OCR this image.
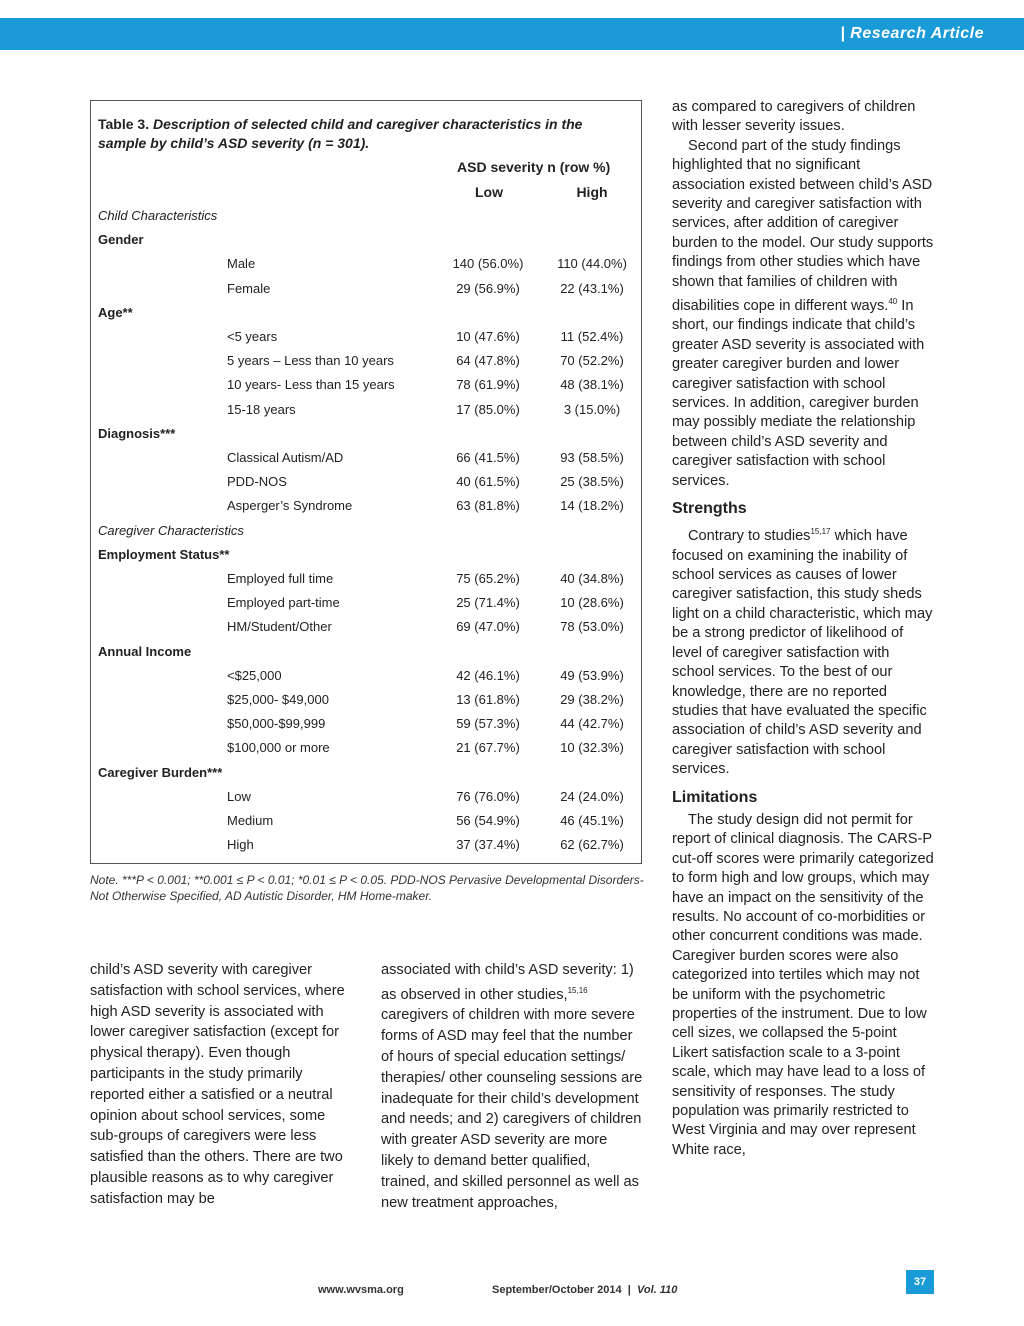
| Research Article
Table 3. Description of selected child and caregiver characteristics in the sample by child’s ASD severity (n = 301).
ASD severity n (row %)
Low	High
Child Characteristics
Gender
Male	140 (56.0%)	110 (44.0%)
Female	29 (56.9%)	22 (43.1%)
Age**
<5 years	10 (47.6%)	11 (52.4%)
5 years – Less than 10 years	64 (47.8%)	70 (52.2%)
10 years- Less than 15 years	78 (61.9%)	48 (38.1%)
15-18 years	17 (85.0%)	3 (15.0%)
Diagnosis***
Classical Autism/AD	66 (41.5%)	93 (58.5%)
PDD-NOS	40 (61.5%)	25 (38.5%)
Asperger’s Syndrome	63 (81.8%)	14 (18.2%)
Caregiver Characteristics
Employment Status**
Employed full time	75 (65.2%)	40 (34.8%)
Employed part-time	25 (71.4%)	10 (28.6%)
HM/Student/Other	69 (47.0%)	78 (53.0%)
Annual Income
<$25,000	42 (46.1%)	49 (53.9%)
$25,000- $49,000	13 (61.8%)	29 (38.2%)
$50,000-$99,999	59 (57.3%)	44 (42.7%)
$100,000 or more	21 (67.7%)	10 (32.3%)
Caregiver Burden***
Low	76 (76.0%)	24 (24.0%)
Medium	56 (54.9%)	46 (45.1%)
High	37 (37.4%)	62 (62.7%)
Note. ***P < 0.001; **0.001 ≤ P < 0.01; *0.01 ≤ P < 0.05. PDD-NOS Pervasive Developmental Disorders-Not Otherwise Specified, AD Autistic Disorder, HM Home-maker.

child’s ASD severity with caregiver satisfaction with school services, where high ASD severity is associated with lower caregiver satisfaction (except for physical therapy). Even though participants in the study primarily reported either a satisfied or a neutral opinion about school services, some sub-groups of caregivers were less satisfied than the others. There are two plausible reasons as to why caregiver satisfaction may be

associated with child’s ASD severity: 1) as observed in other studies,$^{15,16}$ caregivers of children with more severe forms of ASD may feel that the number of hours of special education settings/ therapies/ other counseling sessions are inadequate for their child’s development and needs; and 2) caregivers of children with greater ASD severity are more likely to demand better qualified, trained, and skilled personnel as well as new treatment approaches,

as compared to caregivers of children with lesser severity issues.

Second part of the study findings highlighted that no significant association existed between child’s ASD severity and caregiver satisfaction with services, after addition of caregiver burden to the model. Our study supports findings from other studies which have shown that families of children with disabilities cope in different ways.$^{40}$ In short, our findings indicate that child’s greater ASD severity is associated with greater caregiver burden and lower caregiver satisfaction with school services. In addition, caregiver burden may possibly mediate the relationship between child’s ASD severity and caregiver satisfaction with school services.

Strengths

Contrary to studies$^{15,17}$ which have focused on examining the inability of school services as causes of lower caregiver satisfaction, this study sheds light on a child characteristic, which may be a strong predictor of likelihood of level of caregiver satisfaction with school services. To the best of our knowledge, there are no reported studies that have evaluated the specific association of child’s ASD severity and caregiver satisfaction with school services.

Limitations

The study design did not permit for report of clinical diagnosis. The CARS-P cut-off scores were primarily categorized to form high and low groups, which may have an impact on the sensitivity of the results. No account of co-morbidities or other concurrent conditions was made. Caregiver burden scores were also categorized into tertiles which may not be uniform with the psychometric properties of the instrument. Due to low cell sizes, we collapsed the 5-point Likert satisfaction scale to a 3-point scale, which may have lead to a loss of sensitivity of responses. The study population was primarily restricted to West Virginia and may over represent White race,

www.wvsma.org	September/October 2014 | Vol. 110
37
